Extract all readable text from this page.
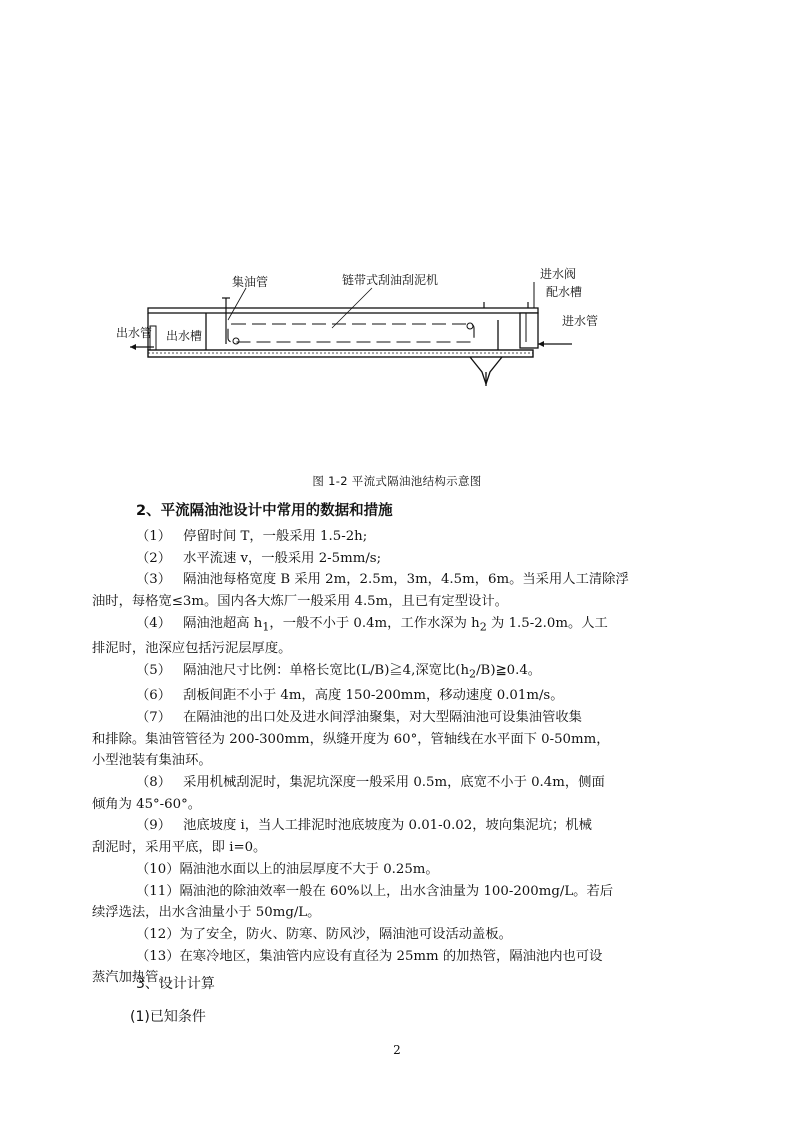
集油管	链带式刮油刮泥机	进水阀
配水槽
进水管
出水管 出水槽
图 1-2 平流式隔油池结构示意图
2、平流隔油池设计中常用的数据和措施
（1） 停留时间 T，一般采用 1.5-2h;
（2） 水平流速 v，一般采用 2-5mm/s;
（3） 隔油池每格宽度 B 采用 2m，2.5m，3m，4.5m，6m。当采用人工清除浮
油时，每格宽≤3m。国内各大炼厂一般采用 4.5m，且已有定型设计。
（4） 隔油池超高 $h_1$，一般不小于 0.4m，工作水深为 $h_2$ 为 1.5-2.0m。人工
排泥时，池深应包括污泥层厚度。
（5） 隔油池尺寸比例：单格长宽比(L/B)≧4,深宽比$(h_2/B)≧0.4$。
（6） 刮板间距不小于 4m，高度 150-200mm，移动速度 0.01m/s。
（7） 在隔油池的出口处及进水间浮油聚集，对大型隔油池可设集油管收集
和排除。集油管管径为 200-300mm，纵缝开度为 60°，管轴线在水平面下 0-50mm，
小型池装有集油环。
（8） 采用机械刮泥时，集泥坑深度一般采用 0.5m，底宽不小于 0.4m，侧面
倾角为 45°-60°。
（9） 池底坡度 i，当人工排泥时池底坡度为 0.01-0.02，坡向集泥坑；机械
刮泥时，采用平底，即 i=0。
（10）隔油池水面以上的油层厚度不大于 0.25m。
（11）隔油池的除油效率一般在 60%以上，出水含油量为 100-200mg/L。若后
续浮选法，出水含油量小于 50mg/L。
（12）为了安全，防火、防寒、防风沙，隔油池可设活动盖板。
（13）在寒冷地区，集油管内应设有直径为 25mm 的加热管，隔油池内也可设
蒸汽加热管。
3、设计计算
(1)已知条件
2
